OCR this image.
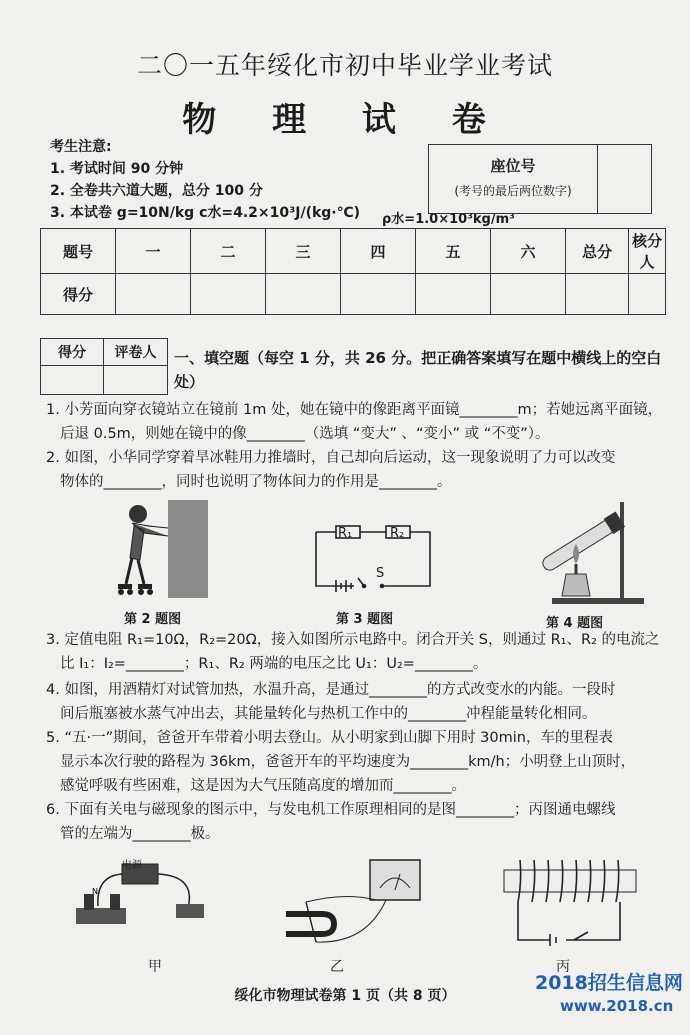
二〇一五年绥化市初中毕业学业考试
物 理 试 卷
考生注意:
1. 考试时间 90 分钟
2. 全卷共六道大题，总分 100 分
3. 本试卷 g=10N/kg c水=4.2×10³J/(kg·℃) ρ水=1.0×10³kg/m³
座位号
(考号的最后两位数字)
题号	一	二	三	四	五	六	总分	核分人
得分								
得分	评卷人
	一、填空题（每空 1 分，共 26 分。把正确答案填写在题中横线上的空白处）
1. 小芳面向穿衣镜站立在镜前 1m 处，她在镜中的像距离平面镜________m；若她远离平面镜，
后退 0.5m，则她在镜中的像________（选填 “变大” 、“变小” 或 “不变”）。
2. 如图，小华同学穿着旱冰鞋用力推墙时，自己却向后运动，这一现象说明了力可以改变
物体的________，同时也说明了物体间力的作用是________。
第 2 题图
R₁	R₂
S
第 3 题图	第 4 题图
3. 定值电阻 R₁=10Ω，R₂=20Ω，接入如图所示电路中。闭合开关 S，则通过 R₁、R₂ 的电流之
比 I₁：I₂=________；R₁、R₂ 两端的电压之比 U₁：U₂=________。
4. 如图，用酒精灯对试管加热，水温升高，是通过________的方式改变水的内能。一段时
间后瓶塞被水蒸气冲出去，其能量转化与热机工作中的________冲程能量转化相同。
5. “五·一”期间，爸爸开车带着小明去登山。从小明家到山脚下用时 30min，车的里程表
显示本次行驶的路程为 36km，爸爸开车的平均速度为________km/h；小明登上山顶时，
感觉呼吸有些困难，这是因为大气压随高度的增加而________。
6. 下面有关电与磁现象的图示中，与发电机工作原理相同的是图________；丙图通电螺线
管的左端为________极。
N
电源
甲	乙	丙
绥化市物理试卷第 1 页（共 8 页）
2018招生信息网
www.2018.cn
